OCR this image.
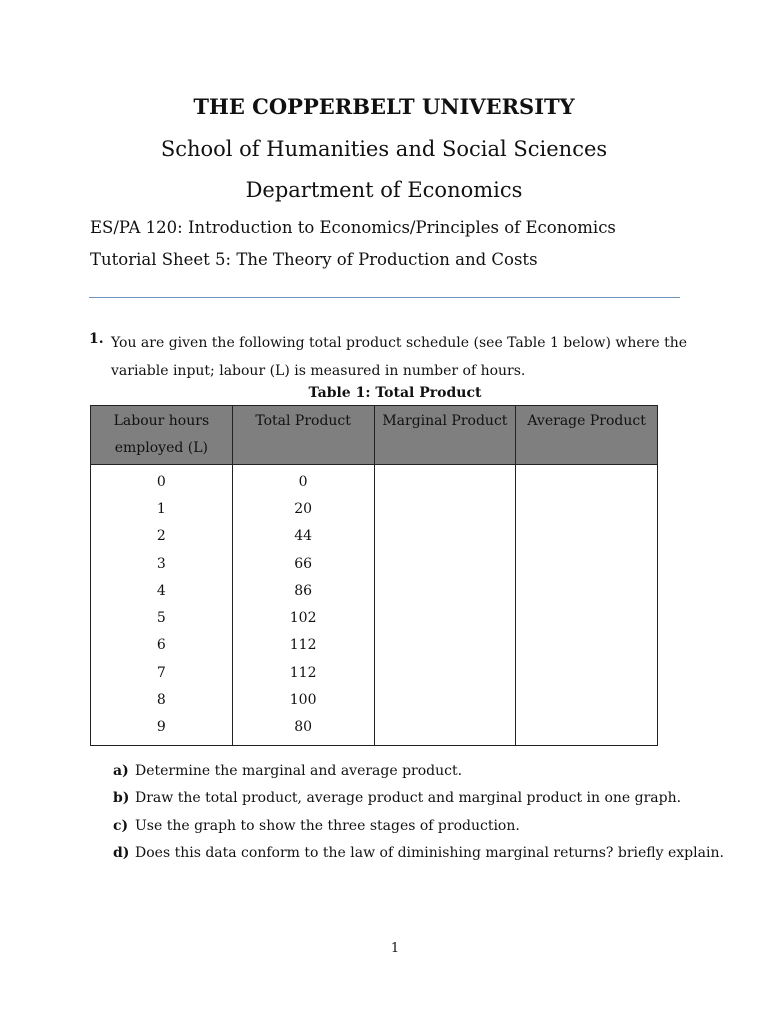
THE COPPERBELT UNIVERSITY
School of Humanities and Social Sciences
Department of Economics
ES/PA 120: Introduction to Economics/Principles of Economics
Tutorial Sheet 5: The Theory of Production and Costs
1. You are given the following total product schedule (see Table 1 below) where the variable input; labour (L) is measured in number of hours.
Table 1: Total Product
Labour hours
employed (L)	Total Product	Marginal Product	Average Product
0	0		
1	20		
2	44		
3	66		
4	86		
5	102		
6	112		
7	112		
8	100		
9	80		
a) Determine the marginal and average product.
b) Draw the total product, average product and marginal product in one graph.
c) Use the graph to show the three stages of production.
d) Does this data conform to the law of diminishing marginal returns? briefly explain.
1
